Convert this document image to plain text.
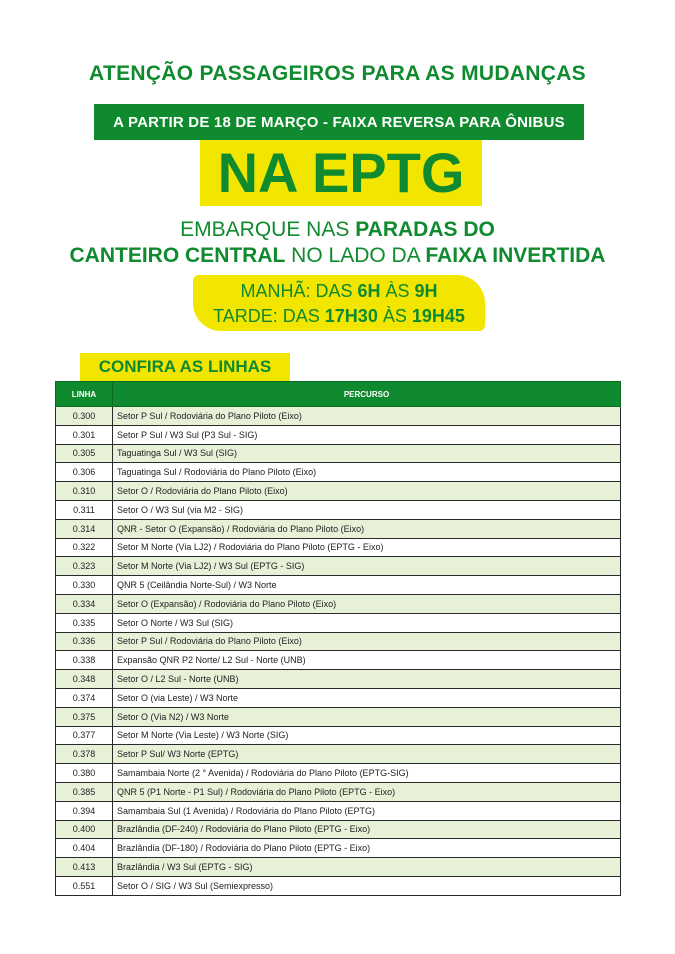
ATENÇÃO PASSAGEIROS PARA AS MUDANÇAS
A PARTIR DE 18 DE MARÇO - FAIXA REVERSA PARA ÔNIBUS
NA EPTG
EMBARQUE NAS PARADAS DO
CANTEIRO CENTRAL NO LADO DA FAIXA INVERTIDA
MANHÃ: DAS 6H ÀS 9H
TARDE: DAS 17H30 ÀS 19H45
CONFIRA AS LINHAS
LINHA	PERCURSO
0.300	Setor P Sul / Rodoviária do Plano Piloto (Eixo)
0.301	Setor P Sul / W3 Sul (P3 Sul - SIG)
0.305	Taguatinga Sul / W3 Sul (SIG)
0.306	Taguatinga Sul / Rodoviária do Plano Piloto (Eixo)
0.310	Setor O / Rodoviária do Plano Piloto (Eixo)
0.311	Setor O / W3 Sul (via M2 - SIG)
0.314	QNR - Setor O (Expansão) / Rodoviária do Plano Piloto (Eixo)
0.322	Setor M Norte (Via LJ2) / Rodoviária do Plano Piloto (EPTG - Eixo)
0.323	Setor M Norte (Via LJ2) / W3 Sul (EPTG - SIG)
0.330	QNR 5 (Ceilândia Norte-Sul) / W3 Norte
0.334	Setor O (Expansão) / Rodoviária do Plano Piloto (Eixo)
0.335	Setor O Norte / W3 Sul (SIG)
0.336	Setor P Sul / Rodoviária do Plano Piloto (Eixo)
0.338	Expansão QNR P2 Norte/ L2 Sul - Norte (UNB)
0.348	Setor O / L2 Sul - Norte (UNB)
0.374	Setor O (via Leste) / W3 Norte
0.375	Setor O (Via N2) / W3 Norte
0.377	Setor M Norte (Via Leste) / W3 Norte (SIG)
0.378	Setor P Sul/ W3 Norte (EPTG)
0.380	Samambaia Norte (2 ° Avenida) / Rodoviária do Plano Piloto (EPTG-SIG)
0.385	QNR 5 (P1 Norte - P1 Sul) / Rodoviária do Plano Piloto (EPTG - Eixo)
0.394	Samambaia Sul (1 Avenida) / Rodoviária do Plano Piloto (EPTG)
0.400	Brazlândia (DF-240) / Rodoviária do Plano Piloto (EPTG - Eixo)
0.404	Brazlândia (DF-180) / Rodoviária do Plano Piloto (EPTG - Eixo)
0.413	Brazlândia / W3 Sul (EPTG - SIG)
0.551	Setor O / SIG / W3 Sul (Semiexpresso)
